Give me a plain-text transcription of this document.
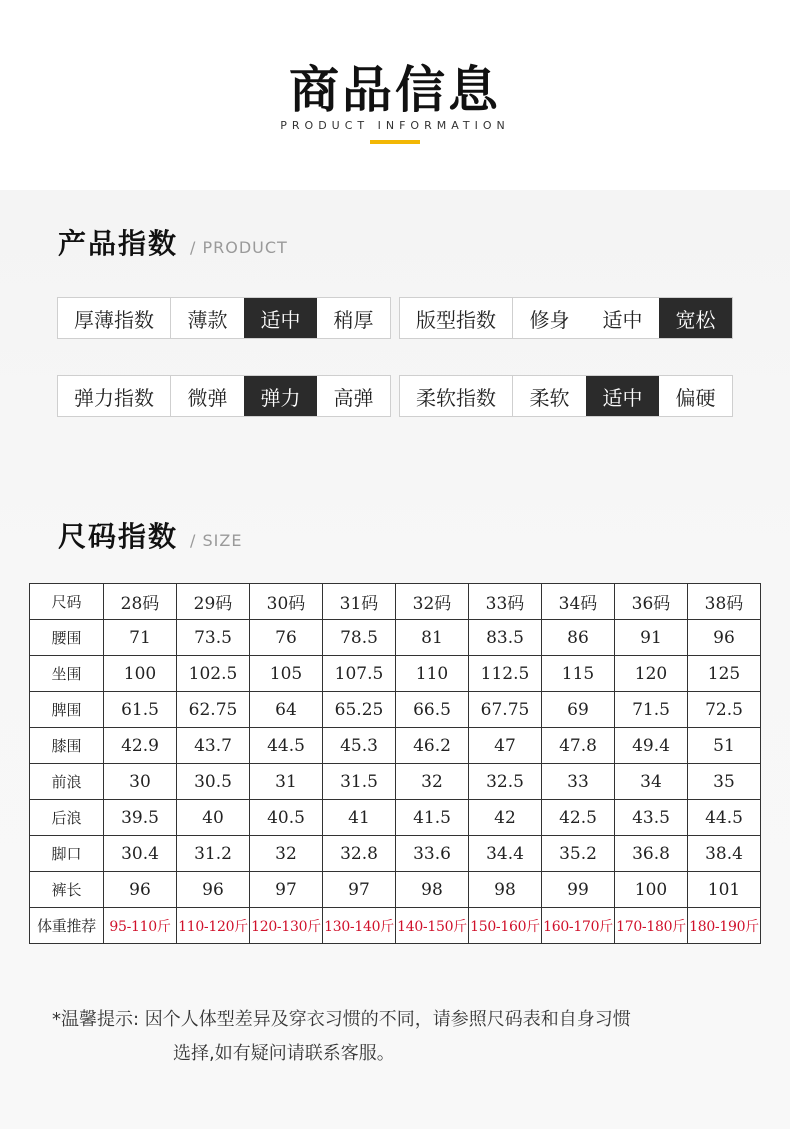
商品信息
PRODUCT INFORMATION
产品指数 / PRODUCT
厚薄指数	薄款	适中	稍厚	版型指数	修身	适中	宽松
弹力指数	微弹	弹力	高弹	柔软指数	柔软	适中	偏硬
尺码指数 / SIZE
尺码	28码	29码	30码	31码	32码	33码	34码	36码	38码
腰围	71	73.5	76	78.5	81	83.5	86	91	96
坐围	100	102.5	105	107.5	110	112.5	115	120	125
脾围	61.5	62.75	64	65.25	66.5	67.75	69	71.5	72.5
膝围	42.9	43.7	44.5	45.3	46.2	47	47.8	49.4	51
前浪	30	30.5	31	31.5	32	32.5	33	34	35
后浪	39.5	40	40.5	41	41.5	42	42.5	43.5	44.5
脚口	30.4	31.2	32	32.8	33.6	34.4	35.2	36.8	38.4
裤长	96	96	97	97	98	98	99	100	101
体重推荐	95-110斤	110-120斤	120-130斤	130-140斤	140-150斤	150-160斤	160-170斤	170-180斤	180-190斤
*温馨提示: 因个人体型差异及穿衣习惯的不同，请参照尺码表和自身习惯
选择,如有疑问请联系客服。
